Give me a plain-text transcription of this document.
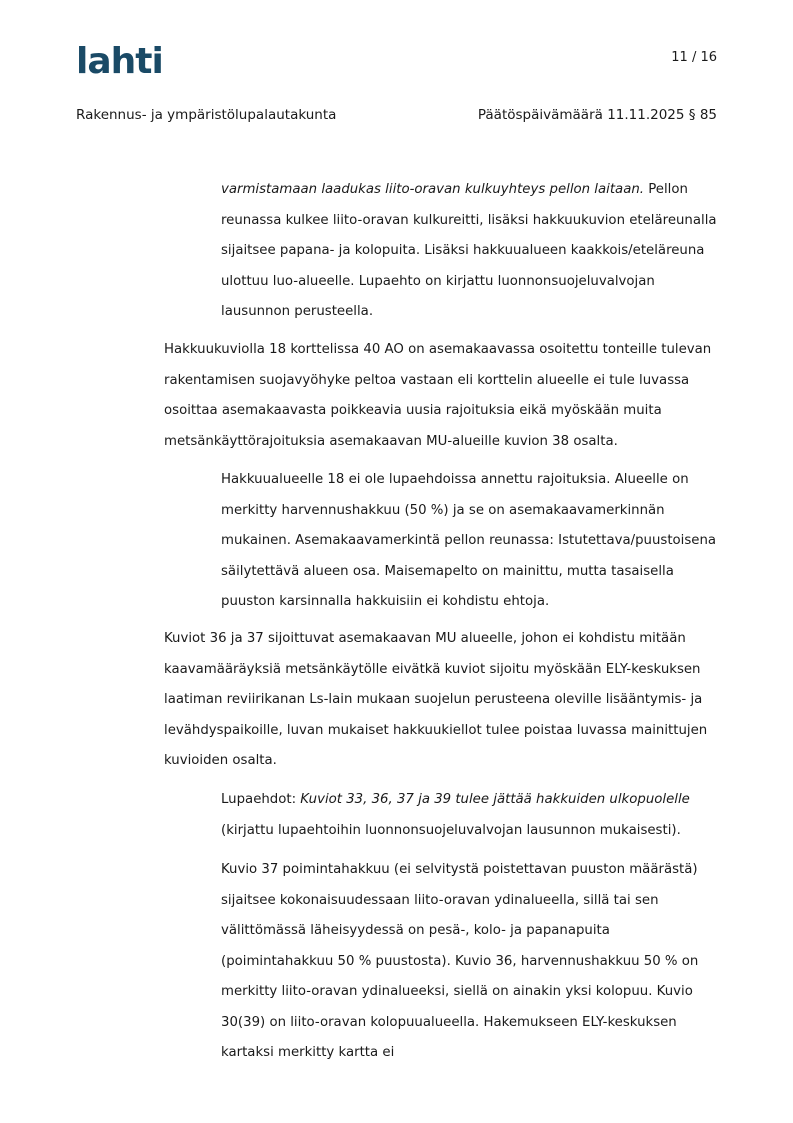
lahti	11 / 16
Rakennus- ja ympäristölupalautakunta	Päätöspäivämäärä 11.11.2025 § 85

varmistamaan laadukas liito-oravan kulkuyhteys pellon laitaan. Pellon reunassa kulkee liito-oravan kulkureitti, lisäksi hakkuukuvion eteläreunalla sijaitsee papana- ja kolopuita. Lisäksi hakkuualueen kaakkois/eteläreuna ulottuu luo-alueelle. Lupaehto on kirjattu luonnonsuojeluvalvojan lausunnon perusteella.

Hakkuukuviolla 18 korttelissa 40 AO on asemakaavassa osoitettu tonteille tulevan rakentamisen suojavyöhyke peltoa vastaan eli korttelin alueelle ei tule luvassa osoittaa asemakaavasta poikkeavia uusia rajoituksia eikä myöskään muita metsänkäyttörajoituksia asemakaavan MU-alueille kuvion 38 osalta.

Hakkuualueelle 18 ei ole lupaehdoissa annettu rajoituksia. Alueelle on merkitty harvennushakkuu (50 %) ja se on asemakaavamerkinnän mukainen. Asemakaavamerkintä pellon reunassa: Istutettava/puustoisena säilytettävä alueen osa. Maisemapelto on mainittu, mutta tasaisella puuston karsinnalla hakkuisiin ei kohdistu ehtoja.

Kuviot 36 ja 37 sijoittuvat asemakaavan MU alueelle, johon ei kohdistu mitään kaavamääräyksiä metsänkäytölle eivätkä kuviot sijoitu myöskään ELY-keskuksen laatiman reviirikanan Ls-lain mukaan suojelun perusteena oleville lisääntymis- ja levähdyspaikoille, luvan mukaiset hakkuukiellot tulee poistaa luvassa mainittujen kuvioiden osalta.

Lupaehdot: Kuviot 33, 36, 37 ja 39 tulee jättää hakkuiden ulkopuolelle (kirjattu lupaehtoihin luonnonsuojeluvalvojan lausunnon mukaisesti).

Kuvio 37 poimintahakkuu (ei selvitystä poistettavan puuston määrästä) sijaitsee kokonaisuudessaan liito-oravan ydinalueella, sillä tai sen välittömässä läheisyydessä on pesä-, kolo- ja papanapuita (poimintahakkuu 50 % puustosta). Kuvio 36, harvennushakkuu 50 % on merkitty liito-oravan ydinalueeksi, siellä on ainakin yksi kolopuu. Kuvio 30(39) on liito-oravan kolopuualueella. Hakemukseen ELY-keskuksen kartaksi merkitty kartta ei
